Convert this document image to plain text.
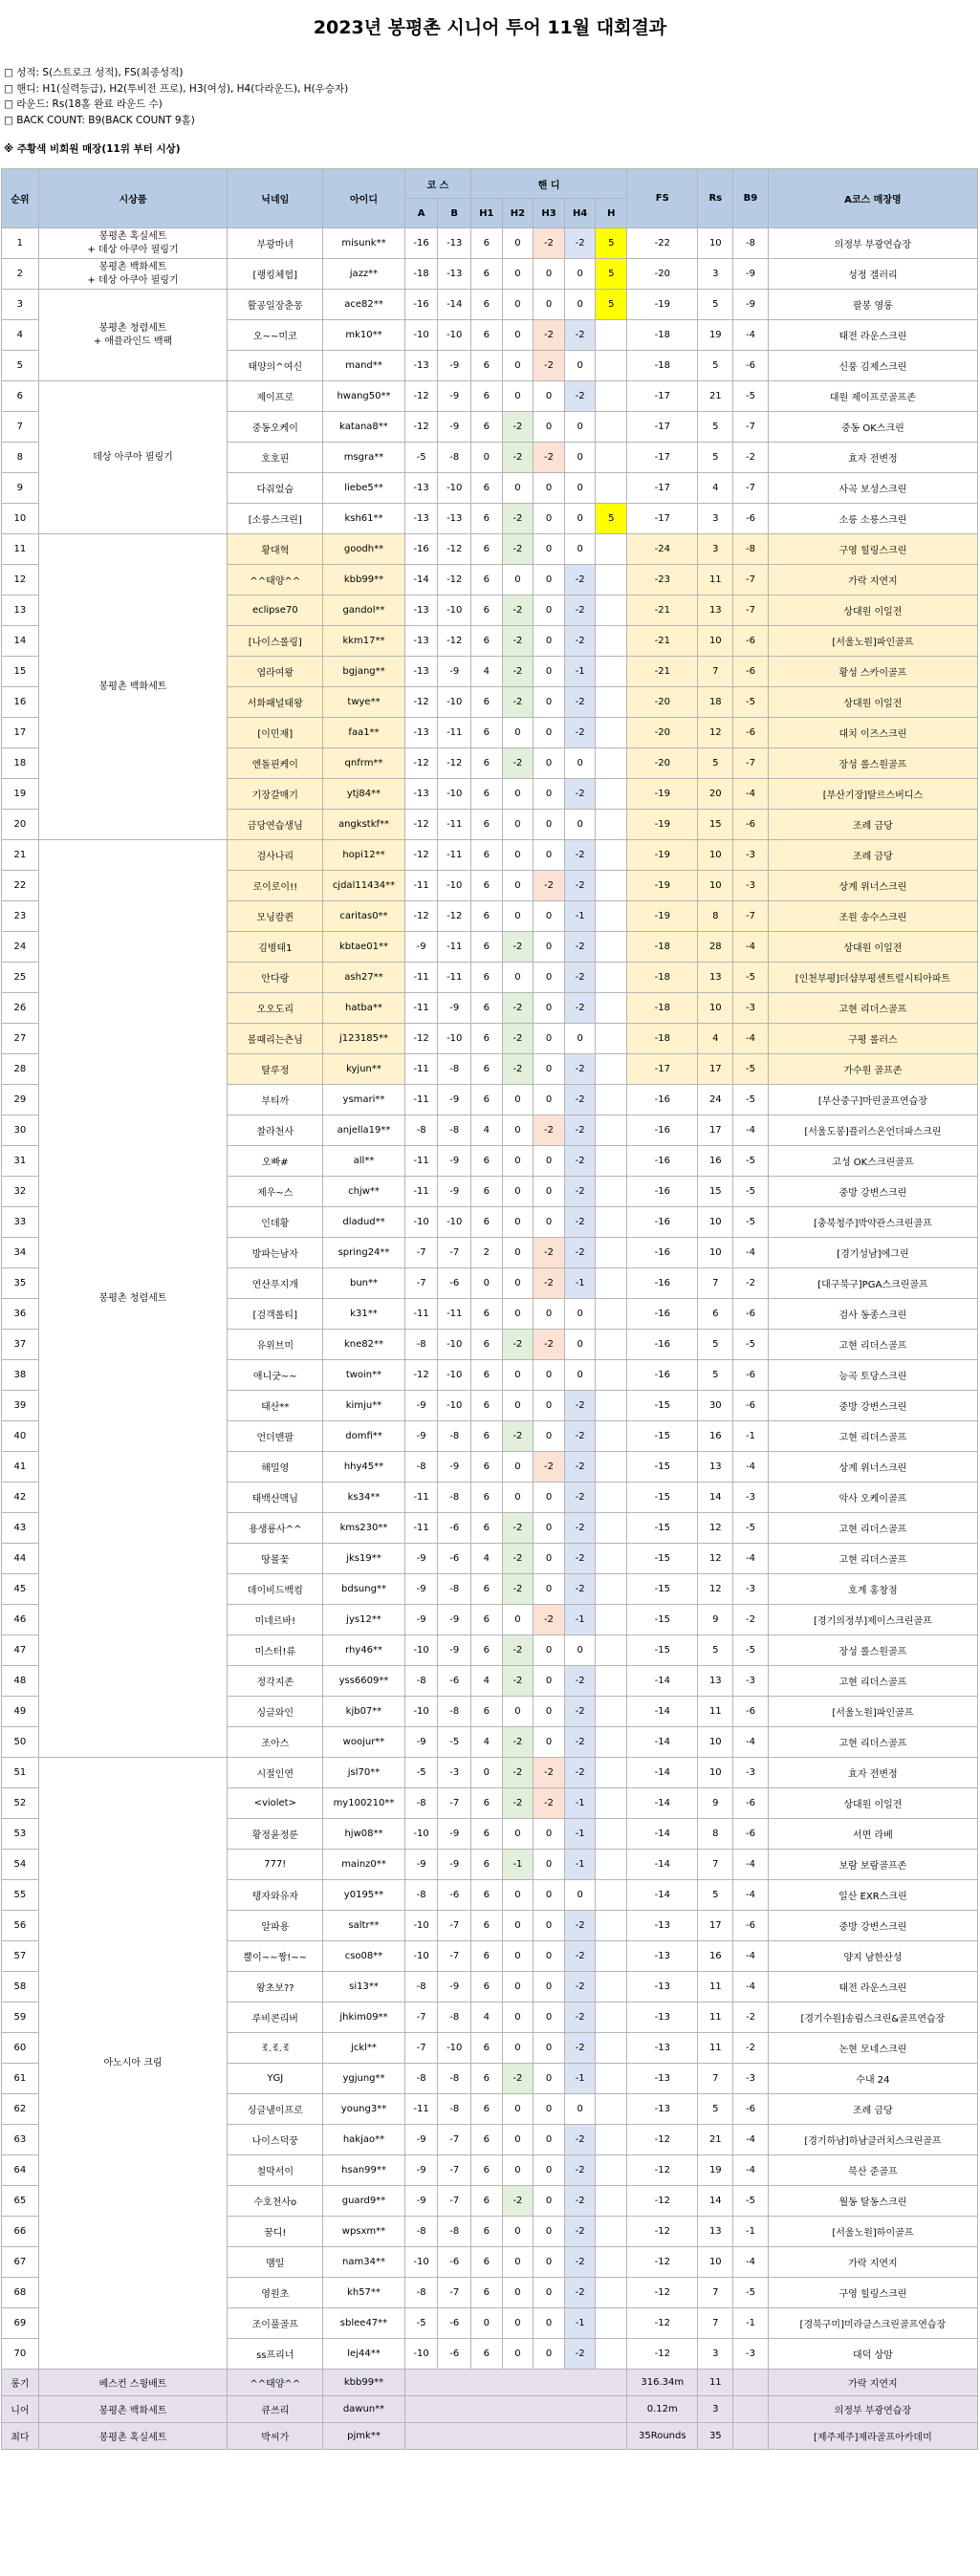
2023년 봉평촌 시니어 투어 11월 대회결과
□ 성적: S(스트로크 성적), FS(최종성적)
□ 핸디: H1(실력등급), H2(투비전 프로), H3(여성), H4(다라운드), H(우승자)
□ 라운드: Rs(18홀 완료 라운드 수)
□ BACK COUNT: B9(BACK COUNT 9홀)
※ 주황색 비회원 매장(11위 부터 시상)
순위	시상품	닉네임	아이디	코 스		핸 디					FS	Rs	B9	A코스 매장명
				A	B	H1	H2	H3	H4	H				
1	봉평촌 혹실세트
+ 데상 아쿠아 필링기	부광마녀	misunk**	-16	-13	6	0	-2	-2	5	-22	10	-8	의정부 부광연습장
2	봉평촌 백화세트
+ 데상 아쿠아 필링기	[랭킹체험]	jazz**	-18	-13	6	0	0	0	5	-20	3	-9	성정 겔러리
3	봉평촌 청렴세트
+ 애플라인드 백팩	활공일장춘몽	ace82**	-16	-14	6	0	0	0	5	-19	5	-9	팔봉 영롱
4		오~~미코	mk10**	-10	-10	6	0	-2	-2		-18	19	-4	태전 라운스크린
5		태양의^여신	mand**	-13	-9	6	0	-2	0		-18	5	-6	신풍 김제스크린
6	데상 아쿠아 필링기	제이프로	hwang50**	-12	-9	6	0	0	-2		-17	21	-5	대원 제이프로골프존
7		중동오케이	katana8**	-12	-9	6	-2	0	0		-17	5	-7	중동 OK스크린
8		호호핀	msgra**	-5	-8	0	-2	-2	0		-17	5	-2	효자 전변정
9		다줘었슴	liebe5**	-13	-10	6	0	0	0		-17	4	-7	사곡 보성스크린
10		[소릉스크린]	ksh61**	-13	-13	6	-2	0	0	5	-17	3	-6	소릉 소릉스크린
11	봉평촌 백화세트	황대혁	goodh**	-16	-12	6	-2	0	0		-24	3	-8	구영 힐링스크린
12		^^태양^^	kbb99**	-14	-12	6	0	0	-2		-23	11	-7	가락 지연지
13		eclipse70	gandol**	-13	-10	6	-2	0	-2		-21	13	-7	상대원 이일전
14		[나이스롤링]	kkm17**	-13	-12	6	-2	0	-2		-21	10	-6	[서울노원]파인골프
15		엽라여왕	bgjang**	-13	-9	4	-2	0	-1		-21	7	-6	황성 스카이골프
16		서화패널태왕	twye**	-12	-10	6	-2	0	-2		-20	18	-5	상대원 이일전
17		[이민재]	faa1**	-13	-11	6	0	0	-2		-20	12	-6	대치 이즈스크린
18		엔돌핀케이	qnfrm**	-12	-12	6	-2	0	0		-20	5	-7	장성 롤스원골프
19		기장갈매기	ytj84**	-13	-10	6	0	0	-2		-19	20	-4	[부산기장]탈르스버디스
20		금당연습생님	angkstkf**	-12	-11	6	0	0	0		-19	15	-6	조례 금당
21	봉평촌 청렴세트	검사나리	hopi12**	-12	-11	6	0	0	-2		-19	10	-3	조례 금당
22		로이로이!!	cjdal11434**	-11	-10	6	0	-2	-2		-19	10	-3	상계 위너스크린
23		모닝캄퀸	caritas0**	-12	-12	6	0	0	-1		-19	8	-7	조원 송수스크린
24		김병태1	kbtae01**	-9	-11	6	-2	0	-2		-18	28	-4	상대원 이일전
25		안다랑	ash27**	-11	-11	6	0	0	-2		-18	13	-5	[인천부평]더샵부평센트럴시티아파트
26		오오도리	hatba**	-11	-9	6	-2	0	-2		-18	10	-3	고현 리더스골프
27		볼때리는츤님	j123185**	-12	-10	6	-2	0	0		-18	4	-4	구평 롤러스
28		탈루정	kyjun**	-11	-8	6	-2	0	-2		-17	17	-5	가수원 골프존
29		부티까	ysmari**	-11	-9	6	0	0	-2		-16	24	-5	[부산중구]마린골프연습장
30		찰라천사	anjella19**	-8	-8	4	0	-2	-2		-16	17	-4	[서울도봉]플러스온언더파스크린
31		오빠#	all**	-11	-9	6	0	0	-2		-16	16	-5	고성 OK스크린골프
32		제우~스	chjw**	-11	-9	6	0	0	-2		-16	15	-5	중방 강변스크린
33		인데황	dladud**	-10	-10	6	0	0	-2		-16	10	-5	[충북청주]박약관스크린골프
34		방파는남자	spring24**	-7	-7	2	0	-2	-2		-16	10	-4	[경기성남]에그린
35		연산푸지개	bun**	-7	-6	0	0	-2	-1		-16	7	-2	[대구북구]PGA스크린골프
36		[검객롤티]	k31**	-11	-11	6	0	0	0		-16	6	-6	검사 동종스크린
37		유위브미	kne82**	-8	-10	6	-2	-2	0		-16	5	-5	고현 리더스골프
38		애니굿~~	twoin**	-12	-10	6	0	0	0		-16	5	-6	능곡 토당스크린
39		태산**	kimju**	-9	-10	6	0	0	-2		-15	30	-6	중방 강변스크린
40		언더맨팔	domfi**	-9	-8	6	-2	0	-2		-15	16	-1	고현 리더스골프
41		해밀영	hhy45**	-8	-9	6	0	-2	-2		-15	13	-4	상계 위너스크린
42		태백산맥님	ks34**	-11	-8	6	0	0	-2		-15	14	-3	악사 오케이골프
43		용생룡사^^	kms230**	-11	-6	6	-2	0	-2		-15	12	-5	고현 리더스골프
44		땅볼꽃	jks19**	-9	-6	4	-2	0	-2		-15	12	-4	고현 리더스골프
45		데이비드백컴	bdsung**	-9	-8	6	-2	0	-2		-15	12	-3	호계 홍창점
46		미네르바!	jys12**	-9	-9	6	0	-2	-1		-15	9	-2	[경기의정부]제이스크린골프
47		미스터!류	rhy46**	-10	-9	6	-2	0	0		-15	5	-5	장성 롤스원골프
48		정각지존	yss6609**	-8	-6	4	-2	0	-2		-14	13	-3	고현 리더스골프
49		싱글와인	kjb07**	-10	-8	6	0	0	-2		-14	11	-6	[서울노원]파인골프
50		조아스	woojur**	-9	-5	4	-2	0	-2		-14	10	-4	고현 리더스골프
51	아노시아 크림	시절인연	jsl70**	-5	-3	0	-2	-2	-2		-14	10	-3	효자 전변정
52		<violet>	my100210**	-8	-7	6	-2	-2	-1		-14	9	-6	상대원 이일전
53		황정윤정룬	hjw08**	-10	-9	6	0	0	-1		-14	8	-6	서면 라베
54		777!	mainz0**	-9	-9	6	-1	0	-1		-14	7	-4	보람 보람골프존
55		탱자와유자	y0195**	-8	-6	6	0	0	0		-14	5	-4	일산 EXR스크린
56		알파용	saltr**	-10	-7	6	0	0	-2		-13	17	-6	중방 강변스크린
57		뿔이~~짱!~~	cso08**	-10	-7	6	0	0	-2		-13	16	-4	양지 남한산성
58		왕초보??	si13**	-8	-9	6	0	0	-2		-13	11	-4	태전 라운스크린
59		루비콘리버	jhkim09**	-7	-8	4	0	0	-2		-13	11	-2	[경기수원]송림스크린&골프연습장
60		ꉂ.ꉂ.ꉂ	jckl**	-7	-10	6	0	0	-2		-13	11	-2	논현 모네스크린
61		YGJ	ygjung**	-8	-8	6	-2	0	-1		-13	7	-3	수내 24
62		싱글냄이프로	young3**	-11	-8	6	0	0	0		-13	5	-6	조례 금당
63		나이스덕꿍	hakjao**	-9	-7	6	0	0	-2		-12	21	-4	[경기하남]하남클러치스크린골프
64		철막서이	hsan99**	-9	-7	6	0	0	-2		-12	19	-4	북산 준골프
65		수호천사o	guard9**	-9	-7	6	-2	0	-2		-12	14	-5	월동 탈동스크린
66		꿈디!	wpsxm**	-8	-8	6	0	0	-2		-12	13	-1	[서울노원]하이골프
67		맴일	nam34**	-10	-6	6	0	0	-2		-12	10	-4	가락 지연지
68		영원초	kh57**	-8	-7	6	0	0	-2		-12	7	-5	구영 힐링스크린
69		조이풀골프	sblee47**	-5	-6	0	0	0	-1		-12	7	-1	[경북구미]미라클스크린골프연습장
70		ss프리너	lej44**	-10	-6	6	0	0	-2		-12	3	-3	대덕 상암
롱기	베스컨 스윙배트	^^태양^^	kbb99**								316.34m	11		가락 지연지
니어	봉평촌 백화세트	큐쓰리	dawun**								0.12m	3		의정부 부광연습장
최다	봉평촌 혹실세트	박씨가	pjmk**								35Rounds	35		[제주제주]제라골프아카데미
